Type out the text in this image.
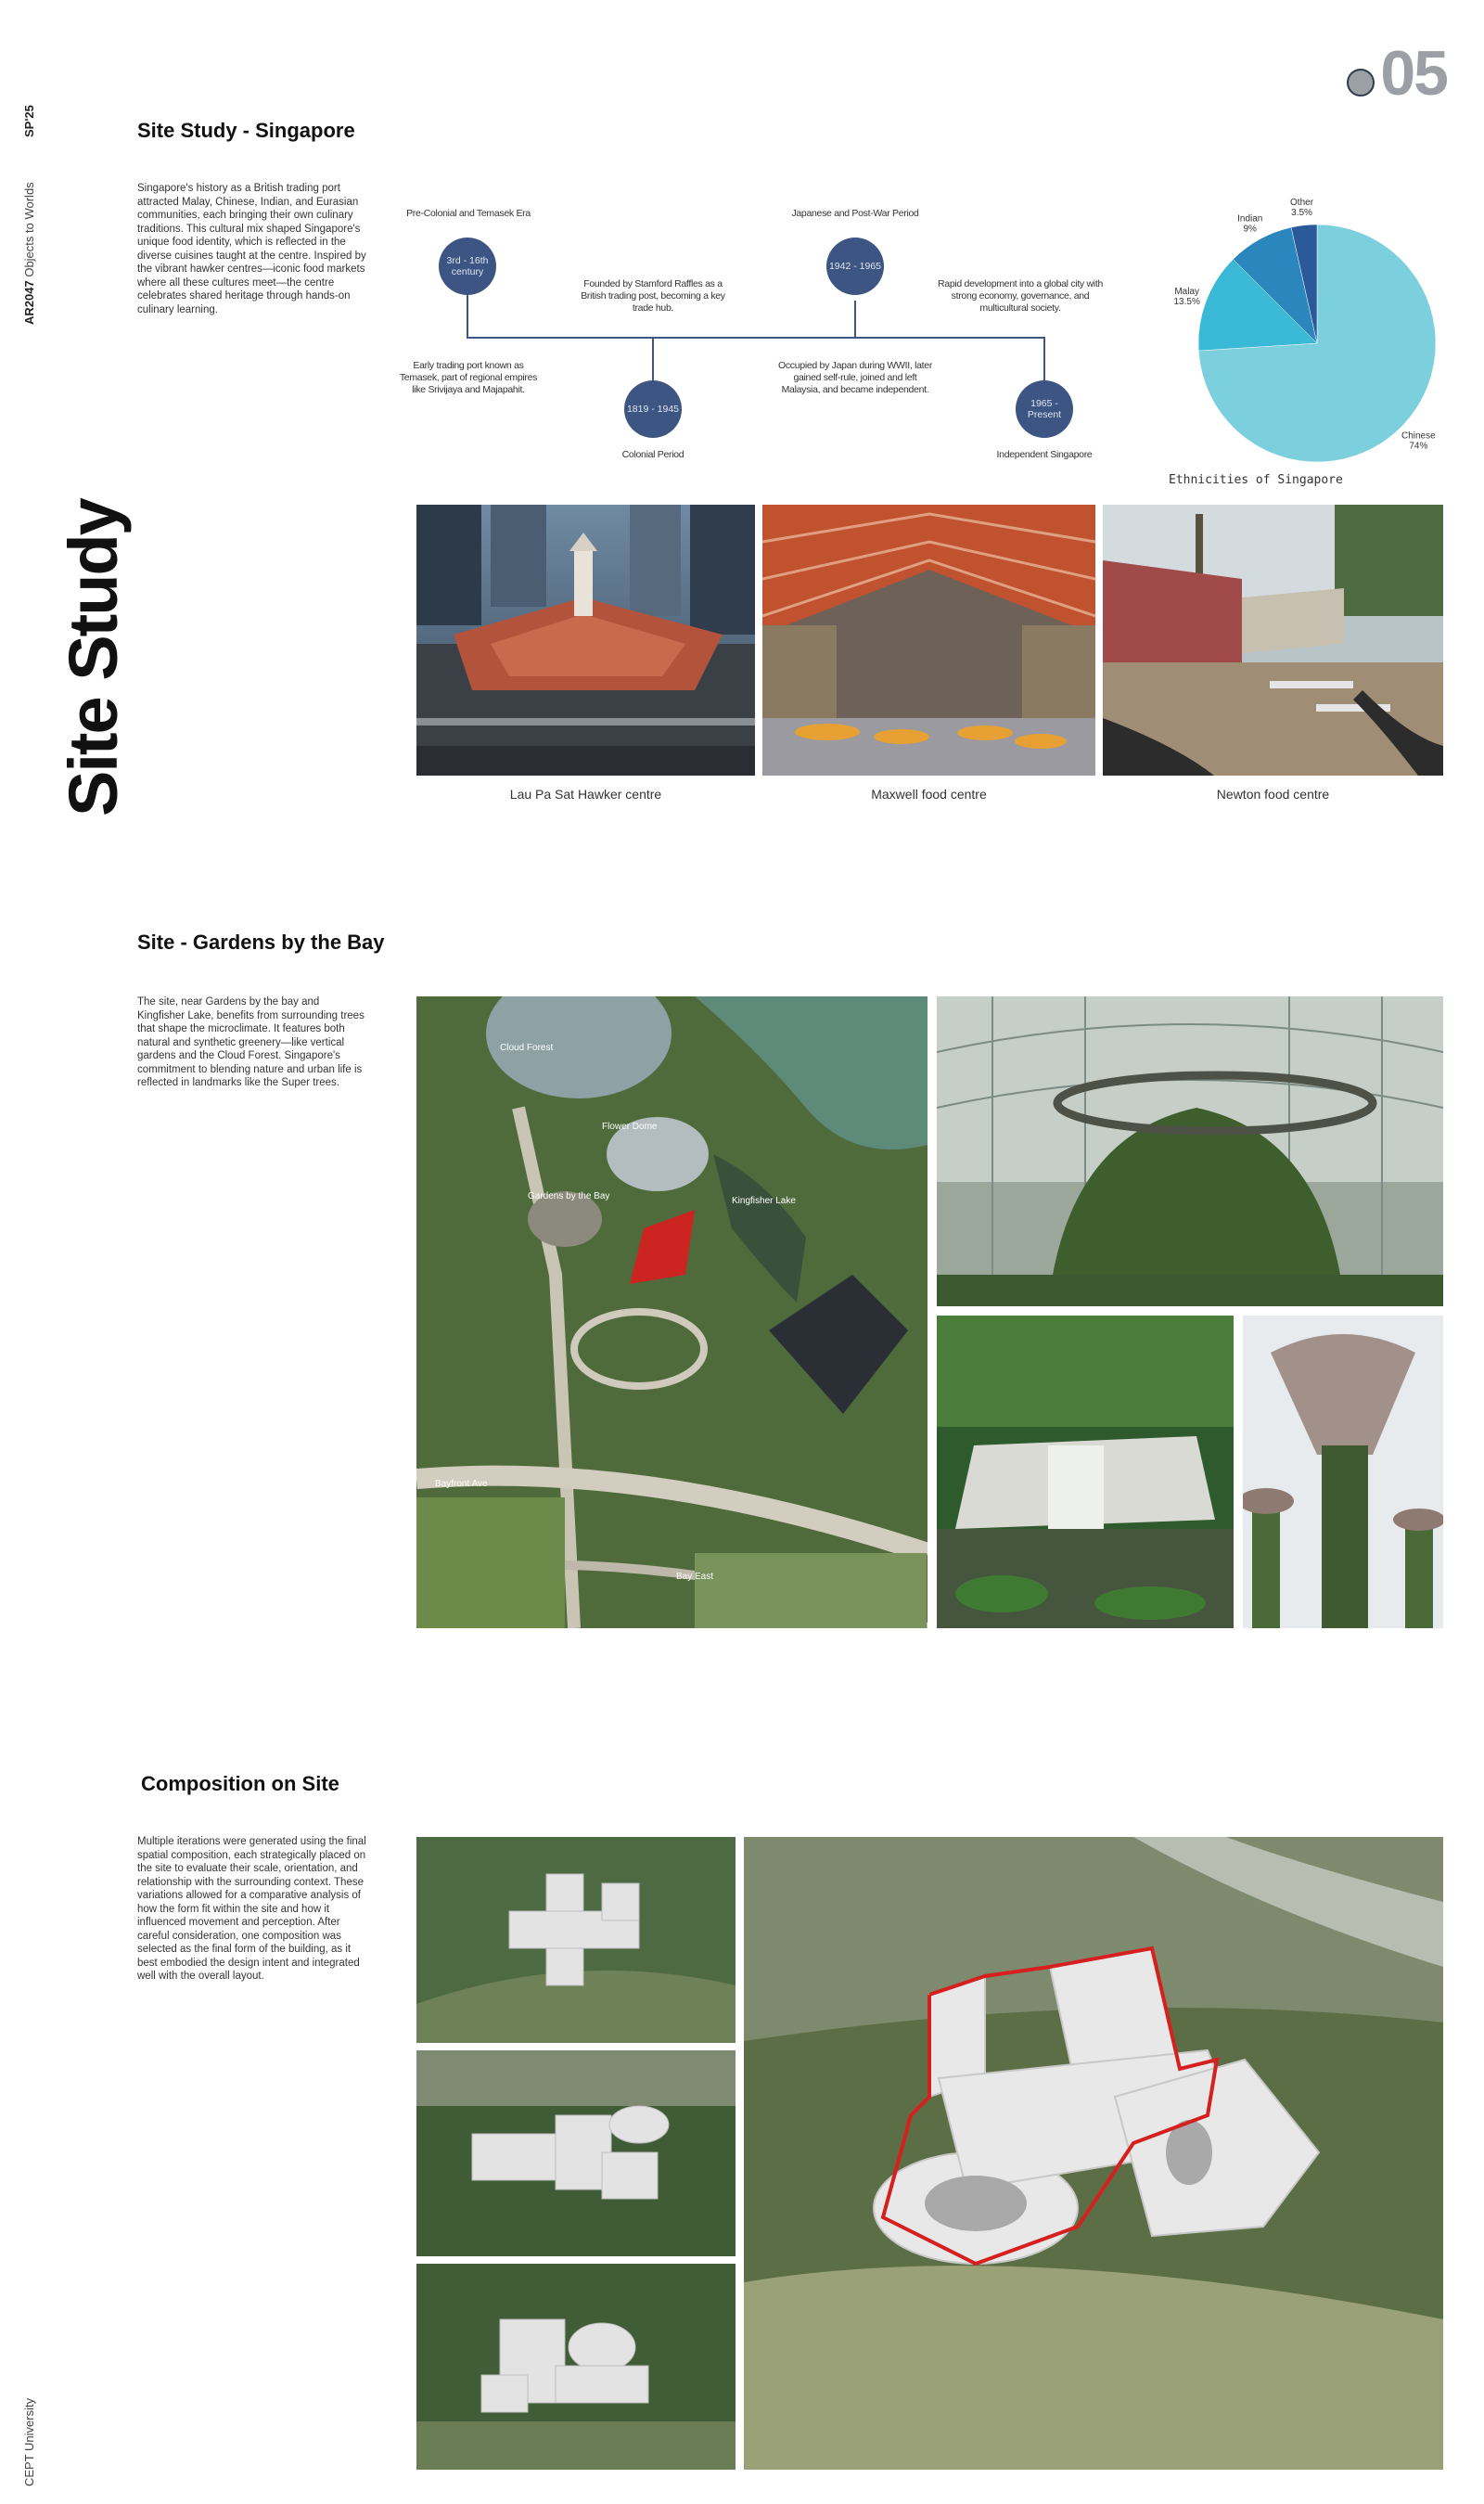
SP'25
AR2047 Objects to Worlds
Site Study
CEPT University
05
Site Study - Singapore
Singapore's history as a British trading port attracted Malay, Chinese, Indian, and Eurasian communities, each bringing their own culinary traditions. This cultural mix shaped Singapore's unique food identity, which is reflected in the diverse cuisines taught at the centre. Inspired by the vibrant hawker centres—iconic food markets where all these cultures meet—the centre celebrates shared heritage through hands-on culinary learning.
3rd - 16th century
1819 - 1945
1942 - 1965
1965 - Present
Pre-Colonial and Temasek Era
Early trading port known as Temasek, part of regional empires like Srivijaya and Majapahit.
Founded by Stamford Raffles as a British trading post, becoming a key trade hub.
Colonial Period
Japanese and Post-War Period
Occupied by Japan during WWII, later gained self-rule, joined and left Malaysia, and became independent.
Rapid development into a global city with strong economy, governance, and multicultural society.
Independent Singapore
Chinese
74%
Malay
13.5%
Indian
9%
Other
3.5%
Ethnicities of Singapore
Lau Pa Sat Hawker centre	Maxwell food centre	Newton food centre
Site - Gardens by the Bay
The site, near Gardens by the bay and Kingfisher Lake, benefits from surrounding trees that shape the microclimate. It features both natural and synthetic greenery—like vertical gardens and the Cloud Forest. Singapore's commitment to blending nature and urban life is reflected in landmarks like the Super trees.
Cloud Forest
Flower Dome
Kingfisher Lake
Gardens by the Bay
Bayfront Ave
Bay East
Composition on Site
Multiple iterations were generated using the final spatial composition, each strategically placed on the site to evaluate their scale, orientation, and relationship with the surrounding context. These variations allowed for a comparative analysis of how the form fit within the site and how it influenced movement and perception. After careful consideration, one composition was selected as the final form of the building, as it best embodied the design intent and integrated well with the overall layout.
